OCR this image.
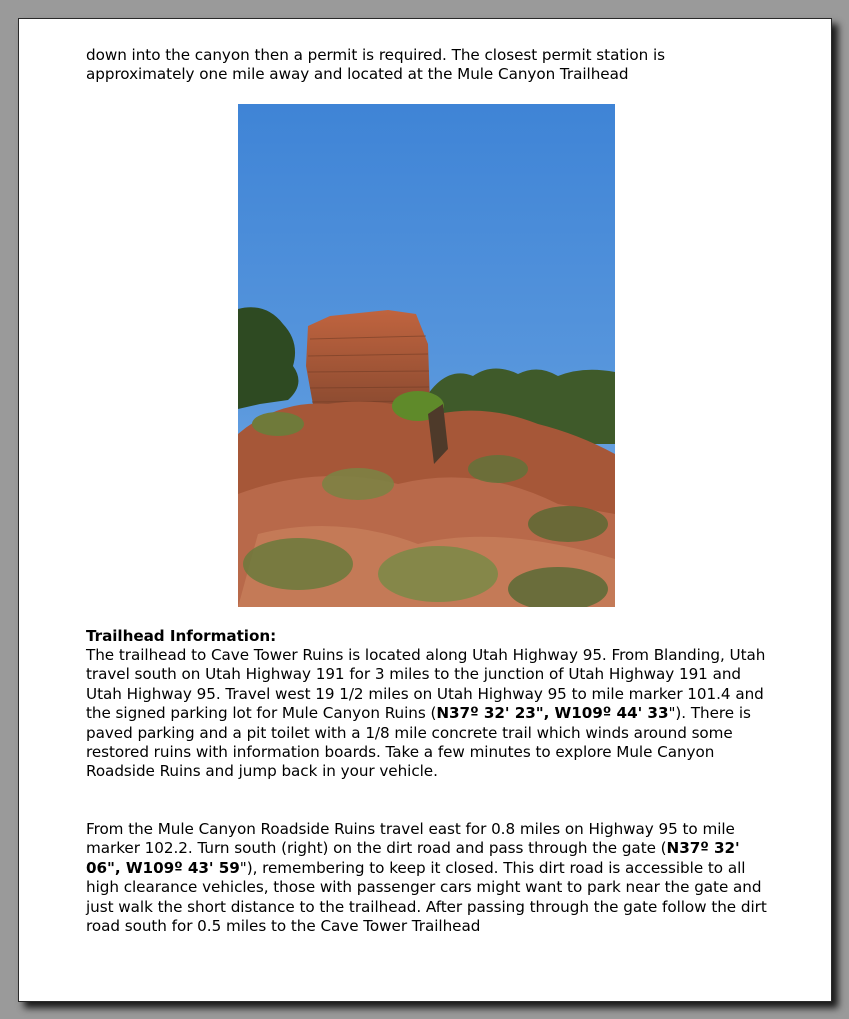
down into the canyon then a permit is required. The closest permit station is approximately one mile away and located at the Mule Canyon Trailhead
Trailhead Information:
The trailhead to Cave Tower Ruins is located along Utah Highway 95. From Blanding, Utah travel south on Utah Highway 191 for 3 miles to the junction of Utah Highway 191 and Utah Highway 95. Travel west 19 1/2 miles on Utah Highway 95 to mile marker 101.4 and the signed parking lot for Mule Canyon Ruins (N37º 32' 23", W109º 44' 33"). There is paved parking and a pit toilet with a 1/8 mile concrete trail which winds around some restored ruins with information boards. Take a few minutes to explore Mule Canyon Roadside Ruins and jump back in your vehicle.
From the Mule Canyon Roadside Ruins travel east for 0.8 miles on Highway 95 to mile marker 102.2. Turn south (right) on the dirt road and pass through the gate (N37º 32' 06", W109º 43' 59"), remembering to keep it closed. This dirt road is accessible to all high clearance vehicles, those with passenger cars might want to park near the gate and just walk the short distance to the trailhead. After passing through the gate follow the dirt road south for 0.5 miles to the Cave Tower Trailhead
